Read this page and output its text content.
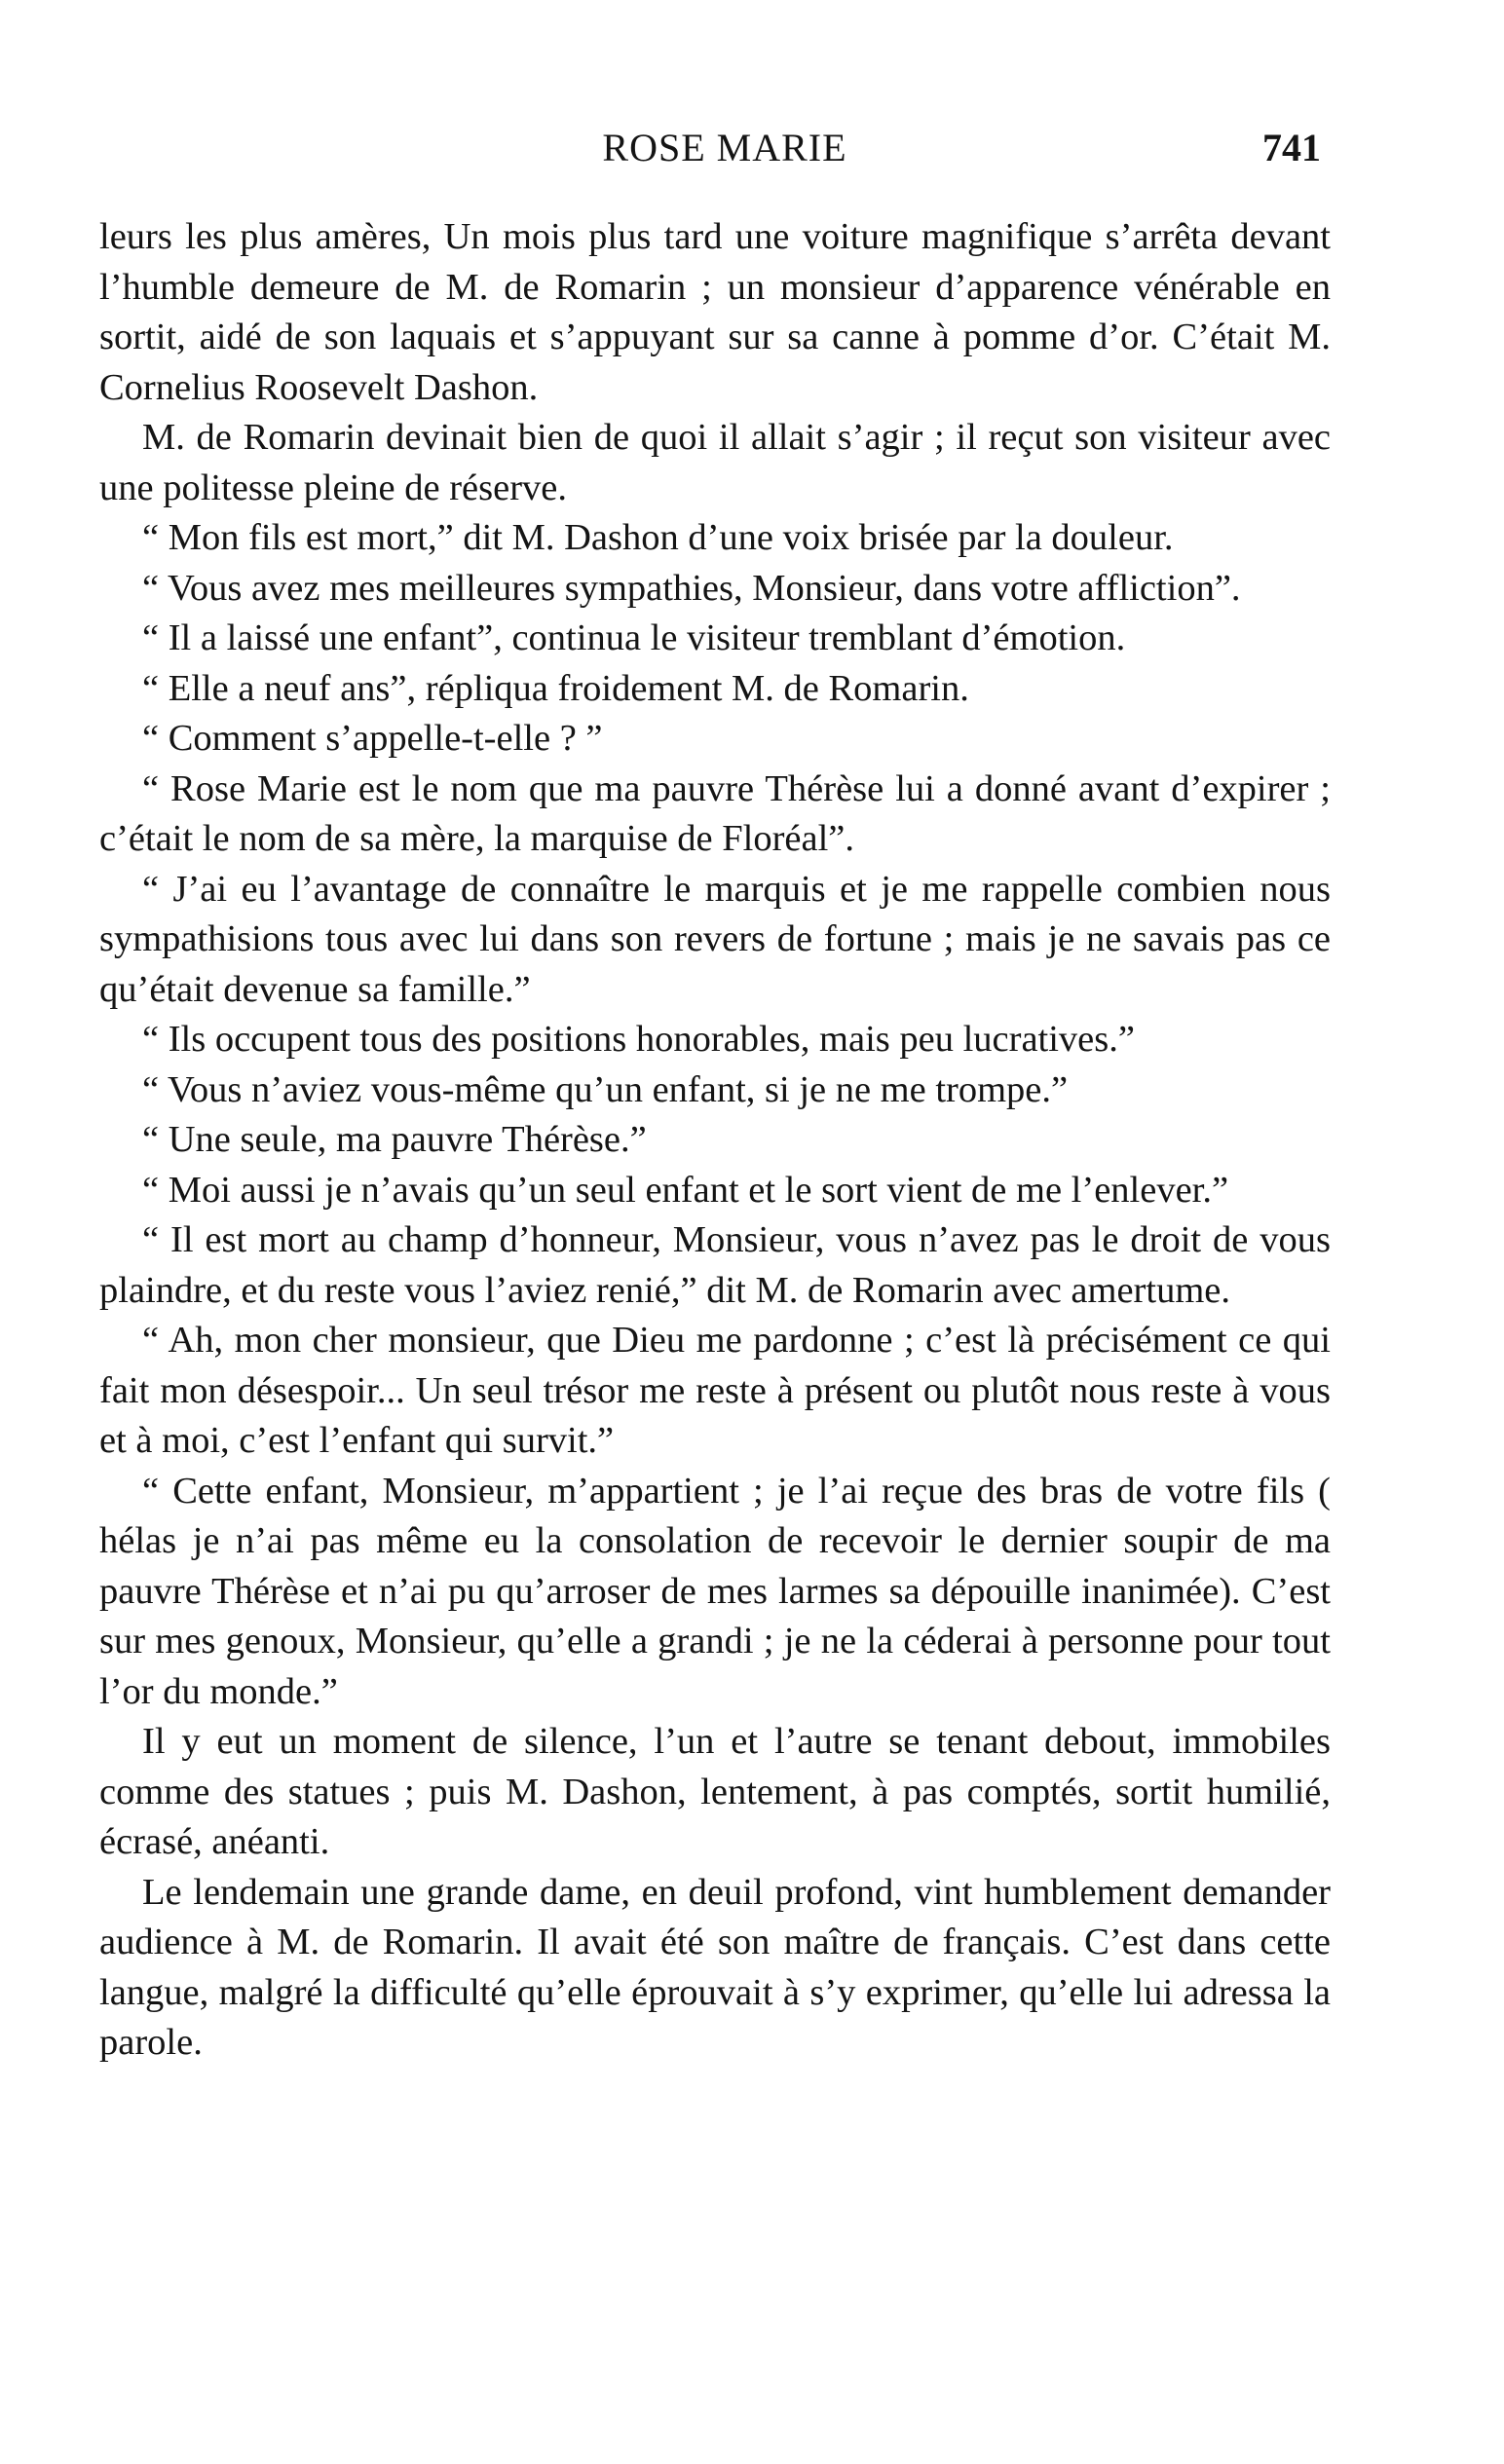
ROSE MARIE	741

leurs les plus amères, Un mois plus tard une voiture magnifique s’arrêta devant l’humble demeure de M. de Romarin ; un monsieur d’apparence vénérable en sortit, aidé de son laquais et s’appuyant sur sa canne à pomme d’or. C’était M. Cornelius Roosevelt Dashon.

M. de Romarin devinait bien de quoi il allait s’agir ; il reçut son visiteur avec une politesse pleine de réserve.

“ Mon fils est mort,” dit M. Dashon d’une voix brisée par la douleur.

“ Vous avez mes meilleures sympathies, Monsieur, dans votre affliction”.

“ Il a laissé une enfant”, continua le visiteur tremblant d’émotion.

“ Elle a neuf ans”, répliqua froidement M. de Romarin.

“ Comment s’appelle-t-elle ? ”

“ Rose Marie est le nom que ma pauvre Thérèse lui a donné avant d’expirer ; c’était le nom de sa mère, la marquise de Floréal”.

“ J’ai eu l’avantage de connaître le marquis et je me rappelle combien nous sympathisions tous avec lui dans son revers de fortune ; mais je ne savais pas ce qu’était devenue sa famille.”

“ Ils occupent tous des positions honorables, mais peu lucratives.”

“ Vous n’aviez vous-même qu’un enfant, si je ne me trompe.”

“ Une seule, ma pauvre Thérèse.”

“ Moi aussi je n’avais qu’un seul enfant et le sort vient de me l’enlever.”

“ Il est mort au champ d’honneur, Monsieur, vous n’avez pas le droit de vous plaindre, et du reste vous l’aviez renié,” dit M. de Romarin avec amertume.

“ Ah, mon cher monsieur, que Dieu me pardonne ; c’est là précisément ce qui fait mon désespoir... Un seul trésor me reste à présent ou plutôt nous reste à vous et à moi, c’est l’enfant qui survit.”

“ Cette enfant, Monsieur, m’appartient ; je l’ai reçue des bras de votre fils ( hélas je n’ai pas même eu la consolation de recevoir le dernier soupir de ma pauvre Thérèse et n’ai pu qu’arroser de mes larmes sa dépouille inanimée). C’est sur mes genoux, Monsieur, qu’elle a grandi ; je ne la céderai à personne pour tout l’or du monde.”

Il y eut un moment de silence, l’un et l’autre se tenant debout, immobiles comme des statues ; puis M. Dashon, lentement, à pas comptés, sortit humilié, écrasé, anéanti.

Le lendemain une grande dame, en deuil profond, vint humblement demander audience à M. de Romarin. Il avait été son maître de français. C’est dans cette langue, malgré la difficulté qu’elle éprouvait à s’y exprimer, qu’elle lui adressa la parole.
